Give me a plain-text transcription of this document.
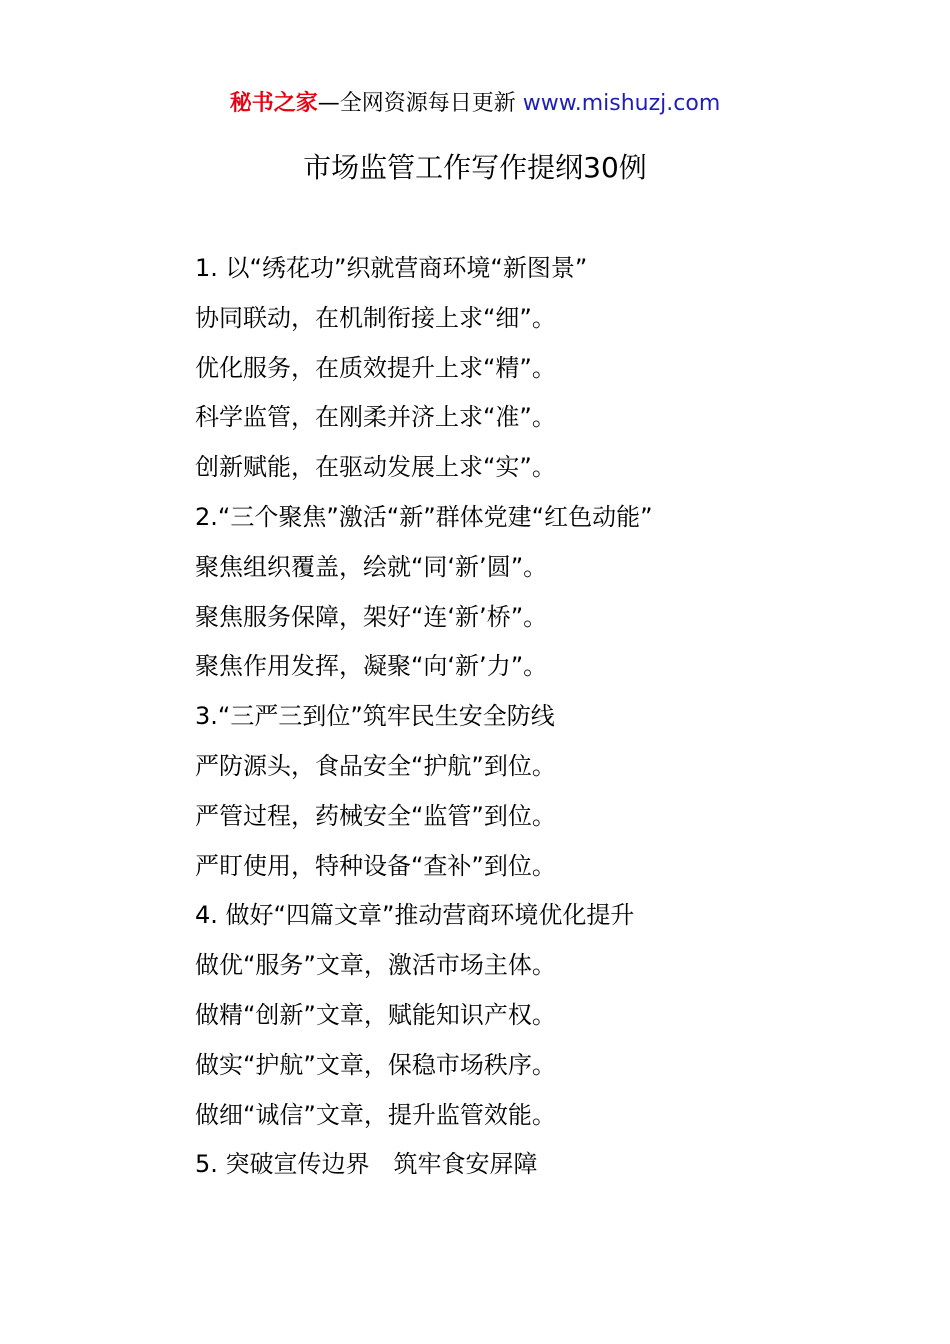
秘书之家—全网资源每日更新 www.mishuzj.com
市场监管工作写作提纲30例
1. 以“绣花功”织就营商环境“新图景”
协同联动，在机制衔接上求“细”。
优化服务，在质效提升上求“精”。
科学监管，在刚柔并济上求“准”。
创新赋能，在驱动发展上求“实”。
2.“三个聚焦”激活“新”群体党建“红色动能”
聚焦组织覆盖，绘就“同‘新’圆”。
聚焦服务保障，架好“连‘新’桥”。
聚焦作用发挥，凝聚“向‘新’力”。
3.“三严三到位”筑牢民生安全防线
严防源头，食品安全“护航”到位。
严管过程，药械安全“监管”到位。
严盯使用，特种设备“查补”到位。
4. 做好“四篇文章”推动营商环境优化提升
做优“服务”文章，激活市场主体。
做精“创新”文章，赋能知识产权。
做实“护航”文章，保稳市场秩序。
做细“诚信”文章，提升监管效能。
5. 突破宣传边界　筑牢食安屏障
